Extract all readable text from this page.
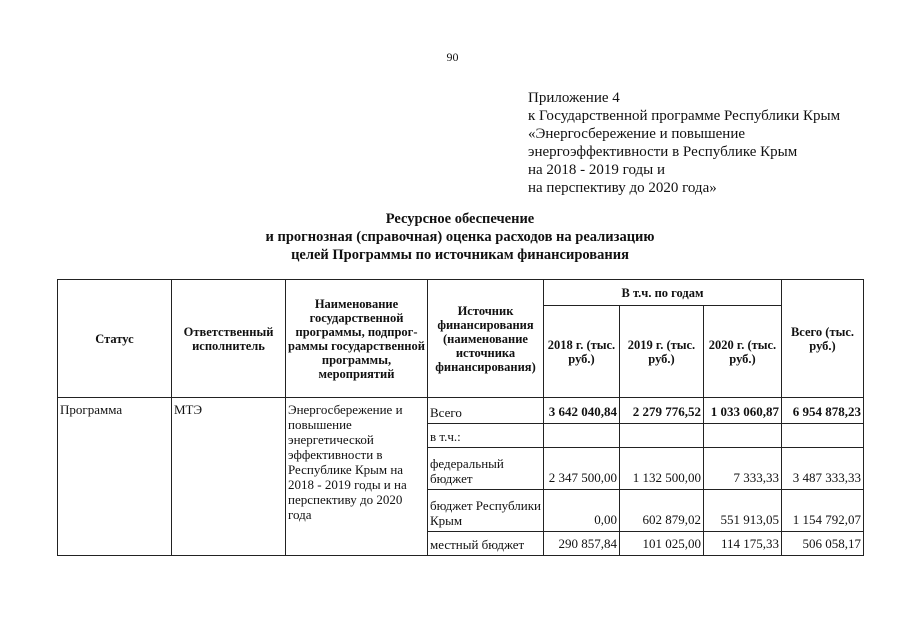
90
Приложение 4
к Государственной программе Республики Крым
«Энергосбережение и повышение
энергоэффективности в Республике Крым
на 2018 - 2019 годы и
на перспективу до 2020 года»
Ресурсное обеспечение
и прогнозная (справочная) оценка расходов на реализацию
целей Программы по источникам финансирования
Статус	Ответственный исполнитель	Наименование государственной программы, подпрог-раммы государственной программы, мероприятий	Источник финансирования (наименование источника финансирования)	В т.ч. по годам			Всего (тыс. руб.)
				2018 г. (тыс. руб.)	2019 г. (тыс. руб.)	2020 г. (тыс. руб.)	
Программа	МТЭ	Энергосбережение и повышение энергетической эффективности в Республике Крым на 2018 - 2019 годы и на перспективу до 2020 года	Всего	3 642 040,84	2 279 776,52	1 033 060,87	6 954 878,23
			в т.ч.:				
			федеральный бюджет	2 347 500,00	1 132 500,00	7 333,33	3 487 333,33
			бюджет Республики Крым	0,00	602 879,02	551 913,05	1 154 792,07
			местный бюджет	290 857,84	101 025,00	114 175,33	506 058,17
